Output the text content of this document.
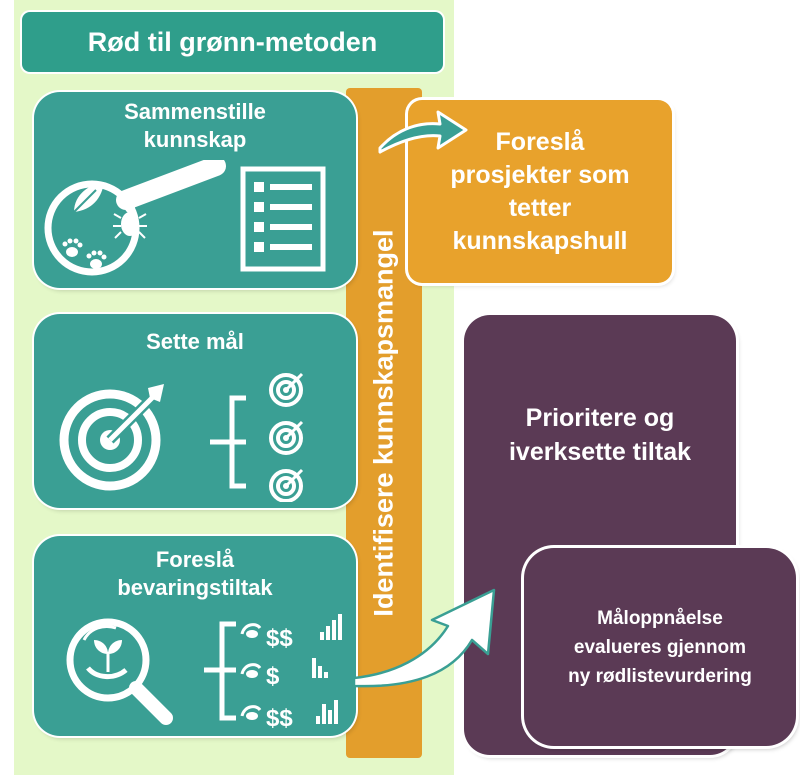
Rød til grønn-metoden
Identifisere kunnskapsmangel
Sammenstille
kunnskap
Sette mål
Foreslå
bevaringstiltak
$$
$
$$
Foreslå
prosjekter som
tetter
kunnskapshull
Prioritere og
iverksette tiltak
Måloppnåelse
evalueres gjennom
ny rødlistevurdering
